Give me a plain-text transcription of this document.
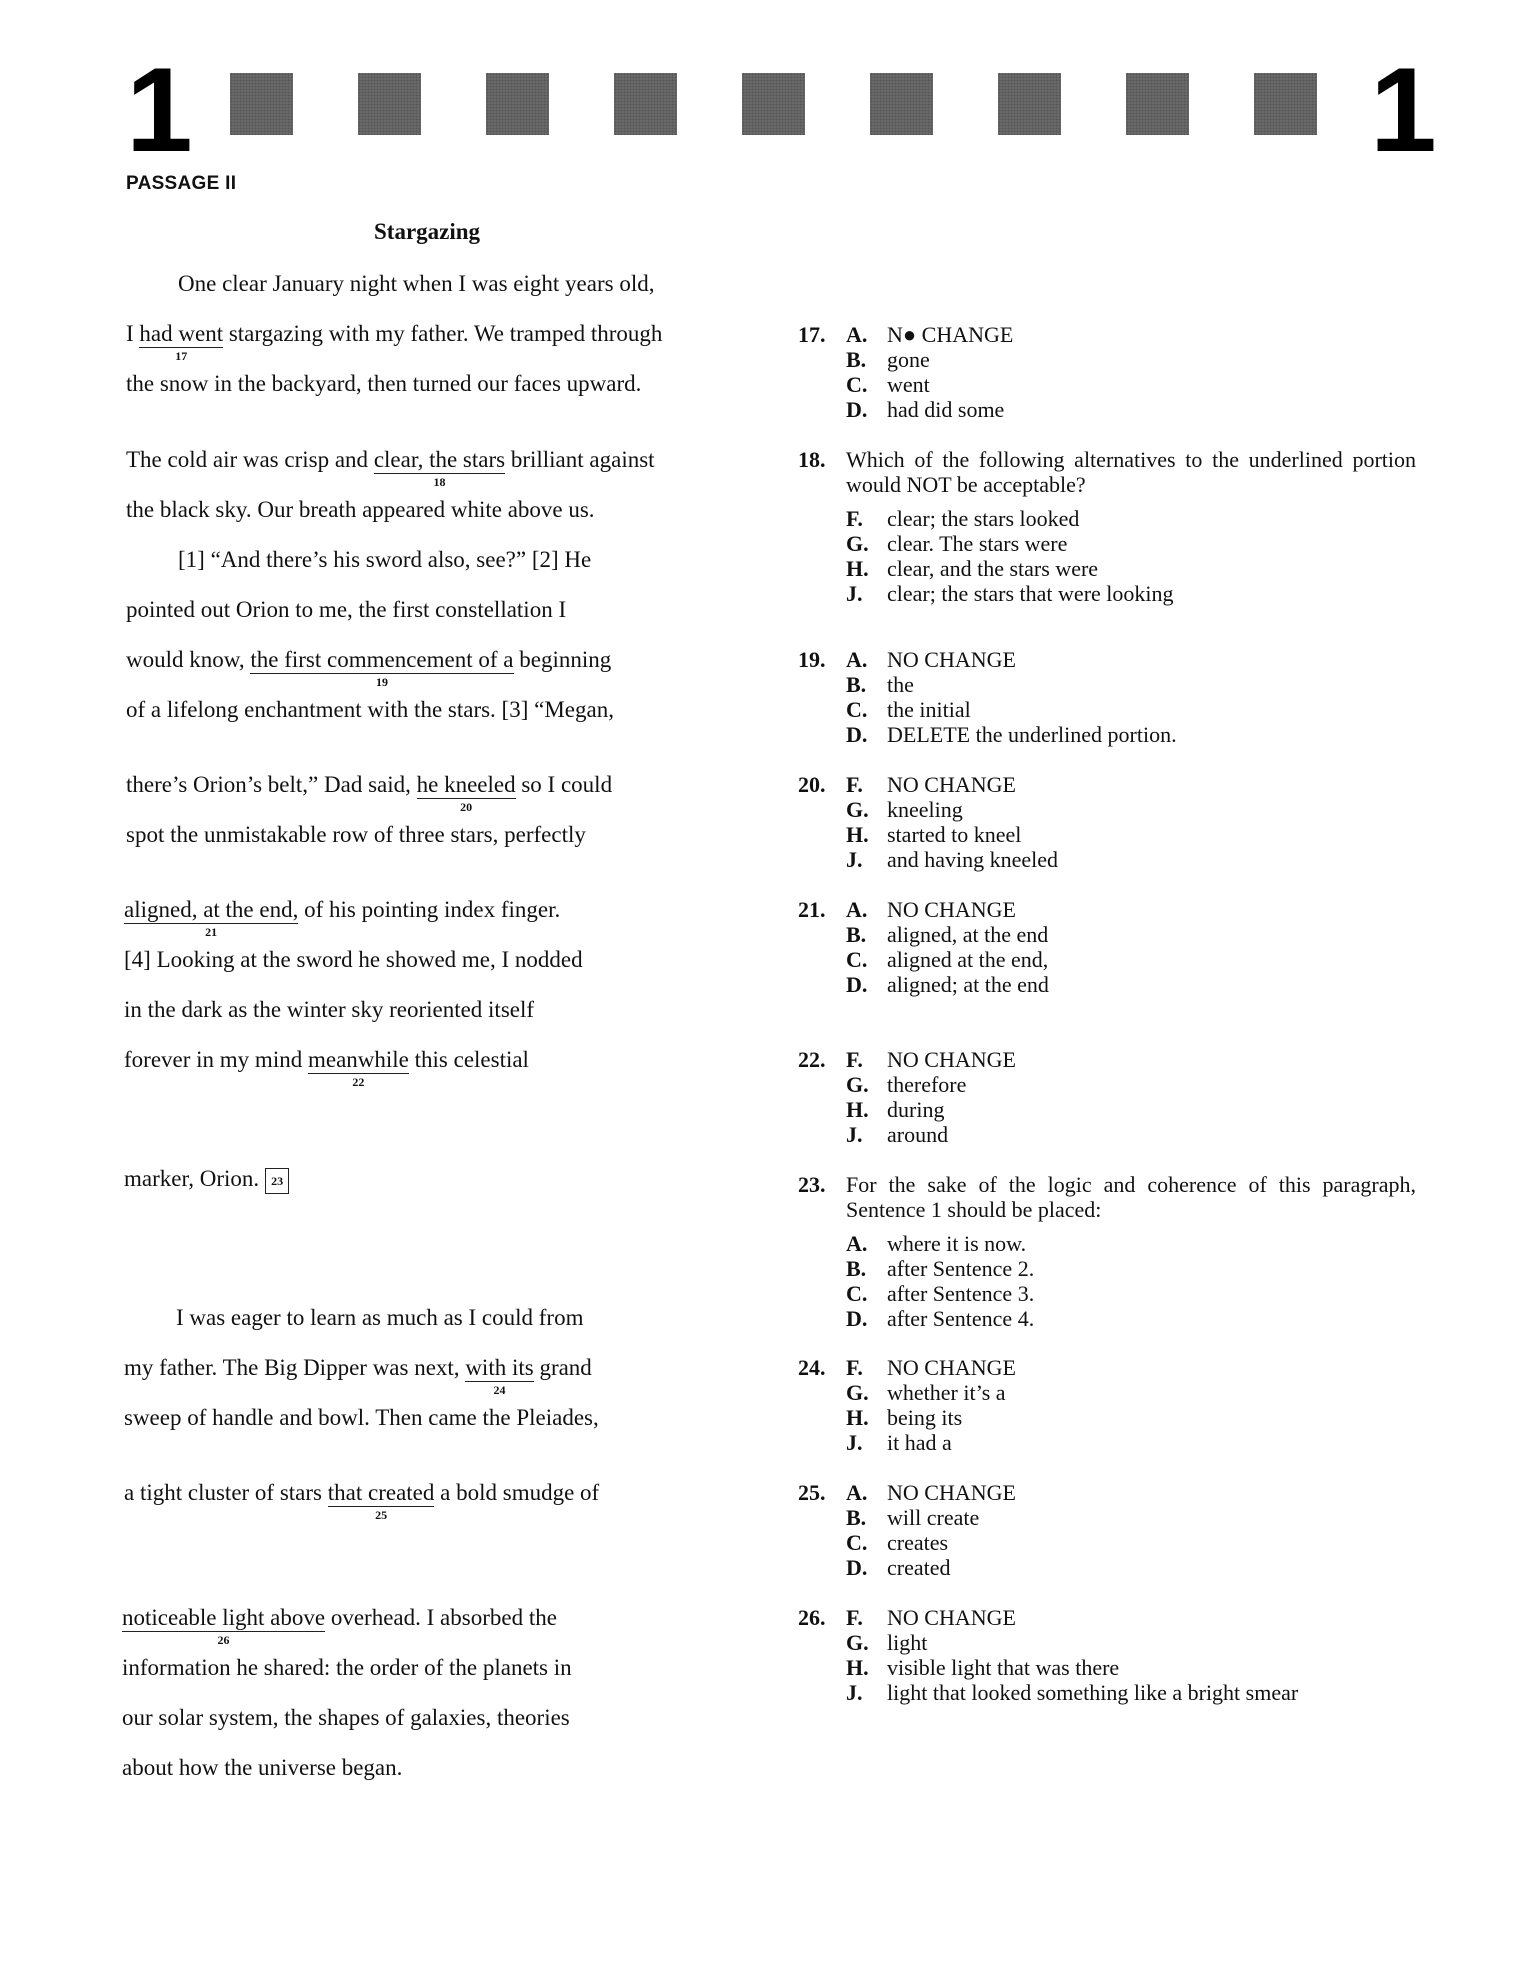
1	1
PASSAGE II
Stargazing
One clear January night when I was eight years old,
I had went
17
stargazing with my father. We tramped through
the snow in the backyard, then turned our faces upward.
The cold air was crisp and clear, the stars
18
brilliant against
the black sky. Our breath appeared white above us.
[1] “And there’s his sword also, see?” [2] He
pointed out Orion to me, the first constellation I
would know, the first commencement of a
19
beginning
of a lifelong enchantment with the stars. [3] “Megan,
there’s Orion’s belt,” Dad said, he kneeled
20
so I could
spot the unmistakable row of three stars, perfectly
aligned, at the end,
21
of his pointing index finger.
[4] Looking at the sword he showed me, I nodded
in the dark as the winter sky reoriented itself
forever in my mind meanwhile
22
this celestial
marker, Orion. 23
I was eager to learn as much as I could from
my father. The Big Dipper was next, with its
24
grand
sweep of handle and bowl. Then came the Pleiades,
a tight cluster of stars that created
25
a bold smudge of
noticeable light above
26
overhead. I absorbed the
information he shared: the order of the planets in
our solar system, the shapes of galaxies, theories
about how the universe began.
17. A. N● CHANGE
B. gone
C. went
D. had did some
18. Which of the following alternatives to the underlined portion would NOT be acceptable?
F. clear; the stars looked
G. clear. The stars were
H. clear, and the stars were
J. clear; the stars that were looking
19. A. NO CHANGE
B. the
C. the initial
D. DELETE the underlined portion.
20. F. NO CHANGE
G. kneeling
H. started to kneel
J. and having kneeled
21. A. NO CHANGE
B. aligned, at the end
C. aligned at the end,
D. aligned; at the end
22. F. NO CHANGE
G. therefore
H. during
J. around
23. For the sake of the logic and coherence of this paragraph, Sentence 1 should be placed:
A. where it is now.
B. after Sentence 2.
C. after Sentence 3.
D. after Sentence 4.
24. F. NO CHANGE
G. whether it’s a
H. being its
J. it had a
25. A. NO CHANGE
B. will create
C. creates
D. created
26. F. NO CHANGE
G. light
H. visible light that was there
J. light that looked something like a bright smear
